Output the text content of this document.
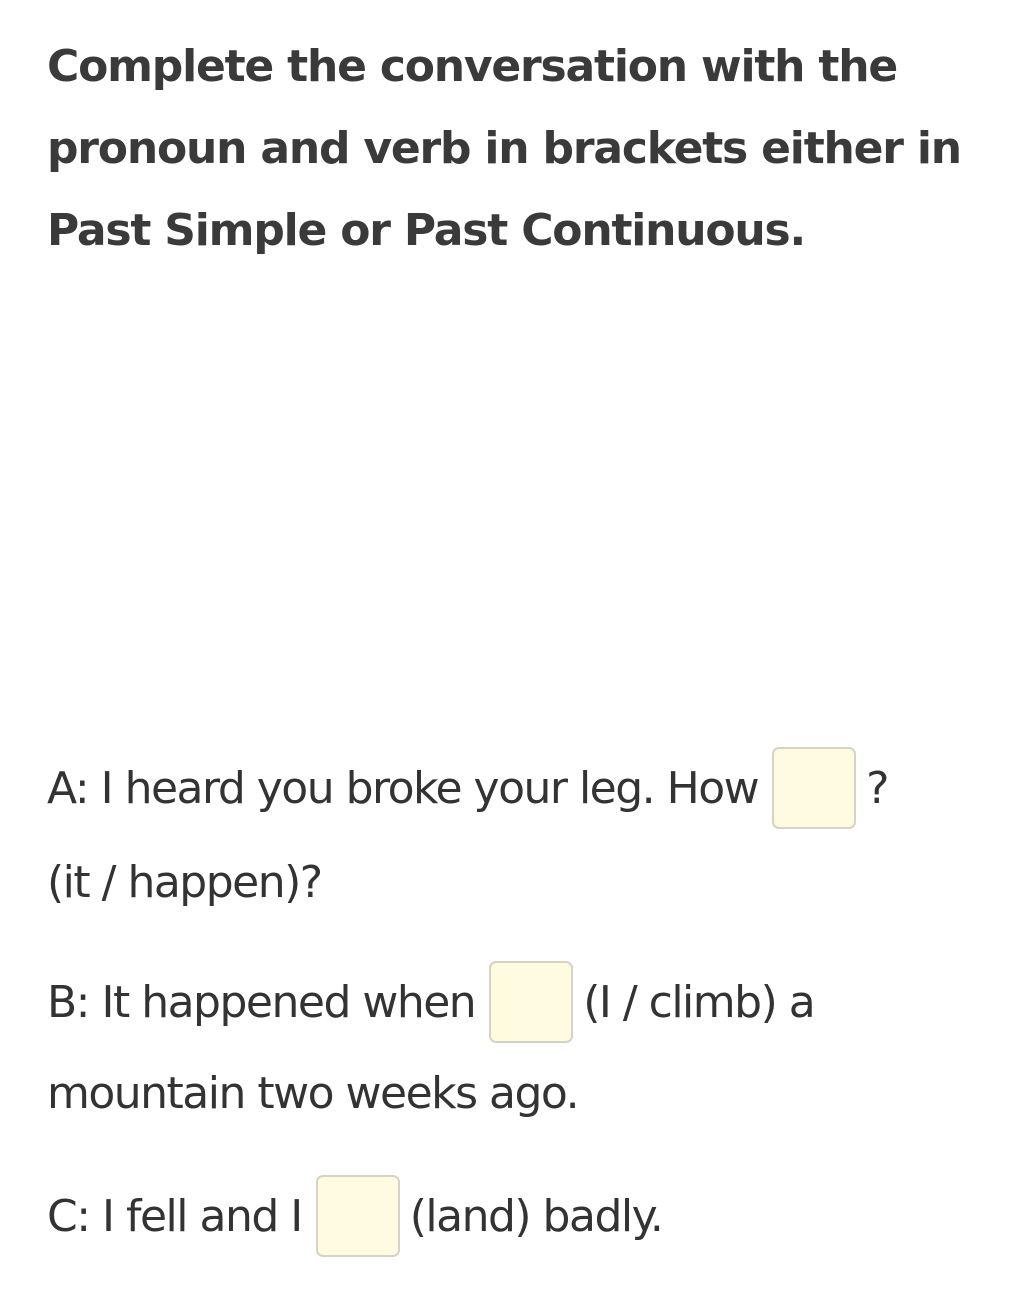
Complete the conversation with the pronoun and verb in brackets either in Past Simple or Past Continuous.

A: I heard you broke your leg. How ?
(it / happen)?
B: It happened when (I / climb) a
mountain two weeks ago.
C: I fell and I (land) badly.
